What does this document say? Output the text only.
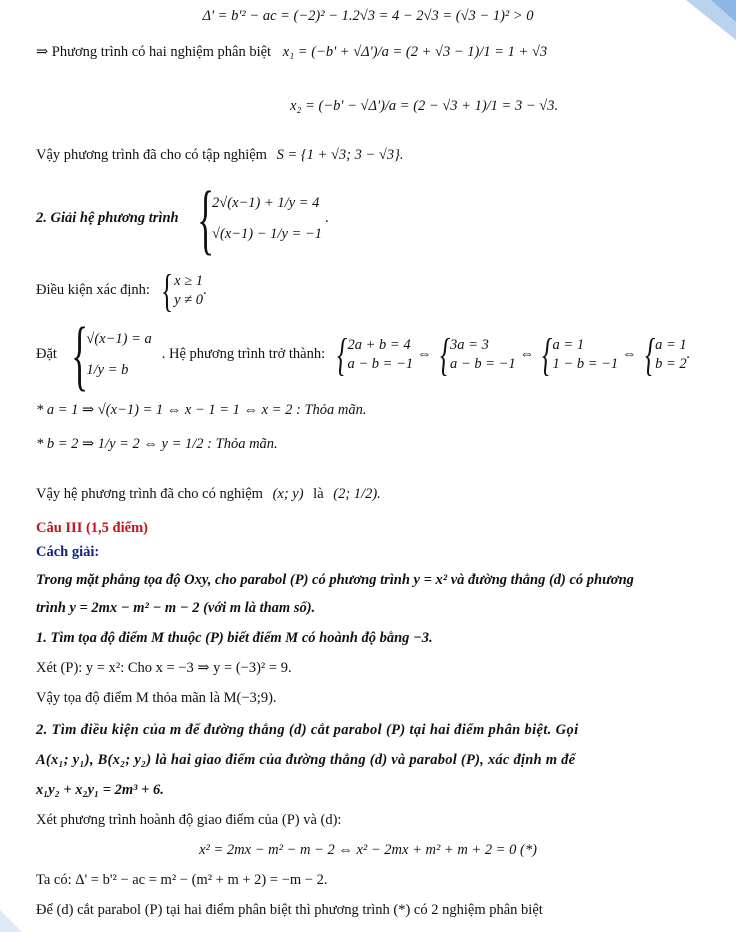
Δ' = b'² − ac = (−2)² − 1.2√3 = 4 − 2√3 = (√3 − 1)² > 0
⇒ Phương trình có hai nghiệm phân biệt x₁ = (−b' + √Δ')/a = (2 + √3 − 1)/1 = 1 + √3
x₂ = (−b' − √Δ')/a = (2 − √3 + 1)/1 = 3 − √3.
Vậy phương trình đã cho có tập nghiệm S = {1 + √3; 3 − √3}.
2. Giải hệ phương trình {
2√(x−1) + 1/y = 4
√(x−1) − 1/y = −1
.
Điều kiện xác định: { x ≥ 1
y ≠ 0
.
Đặt {
√(x−1) = a
1/y = b
. Hệ phương trình trở thành: { 2a + b = 4
a − b = −1
⇔ { 3a = 3
a − b = −1
⇔ { a = 1
1 − b = −1
⇔ { a = 1
b = 2
.
* a = 1 ⇒ √(x−1) = 1 ⇔ x − 1 = 1 ⇔ x = 2 : Thỏa mãn.
* b = 2 ⇒ 1/y = 2 ⇔ y = 1/2 : Thỏa mãn.
Vậy hệ phương trình đã cho có nghiệm (x; y) là (2; 1/2).
Câu III (1,5 điểm)
Cách giải:
Trong mặt phẳng tọa độ Oxy, cho parabol (P) có phương trình y = x² và đường thẳng (d) có phương
trình y = 2mx − m² − m − 2 (với m là tham số).
1. Tìm tọa độ điểm M thuộc (P) biết điểm M có hoành độ bằng −3.
Xét (P): y = x²: Cho x = −3 ⇒ y = (−3)² = 9.
Vậy tọa độ điểm M thỏa mãn là M(−3;9).
2. Tìm điều kiện của m để đường thẳng (d) cắt parabol (P) tại hai điểm phân biệt. Gọi
A(x₁; y₁), B(x₂; y₂) là hai giao điểm của đường thẳng (d) và parabol (P), xác định m để
x₁y₂ + x₂y₁ = 2m³ + 6.
Xét phương trình hoành độ giao điểm của (P) và (d):
x² = 2mx − m² − m − 2 ⇔ x² − 2mx + m² + m + 2 = 0 (*)
Ta có: Δ' = b'² − ac = m² − (m² + m + 2) = −m − 2.
Để (d) cắt parabol (P) tại hai điểm phân biệt thì phương trình (*) có 2 nghiệm phân biệt
